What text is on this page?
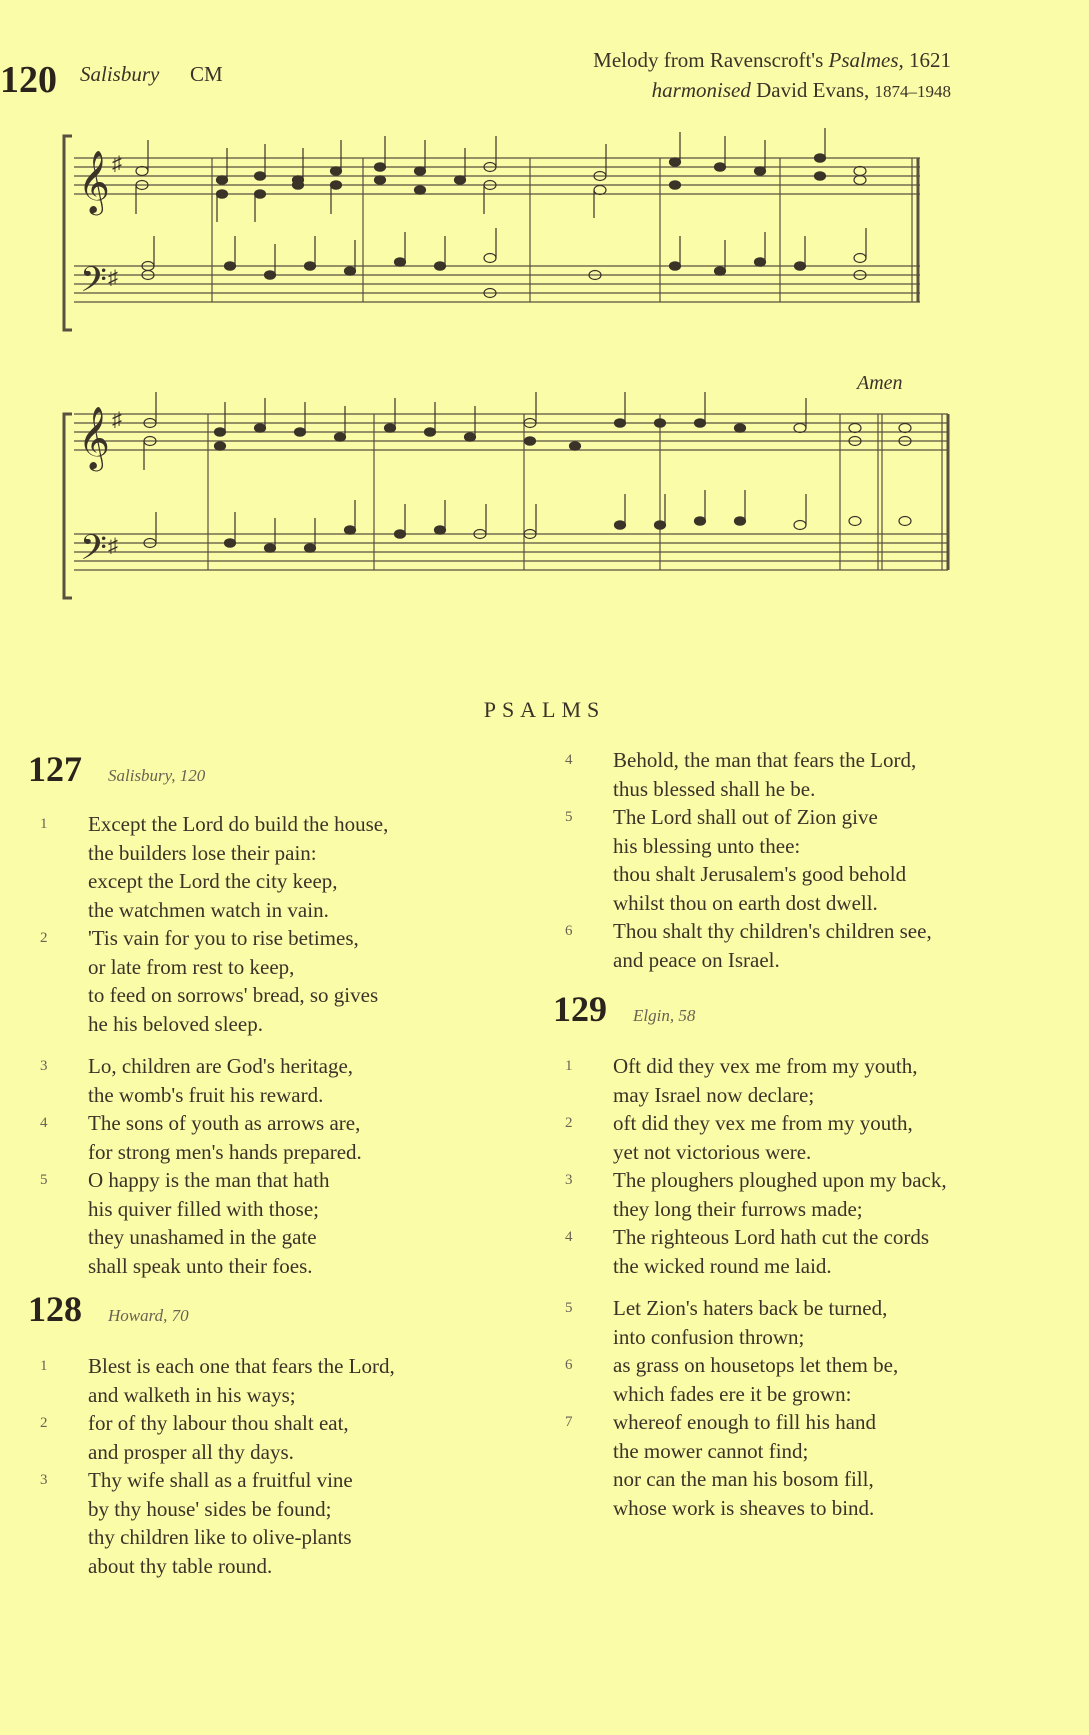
120 Salisbury CM
Melody from Ravenscroft's Psalmes, 1621
harmonised David Evans, 1874–1948
𝄞
𝄢
♯
♯
Amen
𝄞
𝄢
♯
♯
PSALMS
127 Salisbury, 120
1 Except the Lord do build the house,
the builders lose their pain:
except the Lord the city keep,
the watchmen watch in vain.
2 'Tis vain for you to rise betimes,
or late from rest to keep,
to feed on sorrows' bread, so gives
he his beloved sleep.
3 Lo, children are God's heritage,
the womb's fruit his reward.
4 The sons of youth as arrows are,
for strong men's hands prepared.
5 O happy is the man that hath
his quiver filled with those;
they unashamed in the gate
shall speak unto their foes.
128 Howard, 70
1 Blest is each one that fears the Lord,
and walketh in his ways;
2 for of thy labour thou shalt eat,
and prosper all thy days.
3 Thy wife shall as a fruitful vine
by thy house' sides be found;
thy children like to olive-plants
about thy table round.
4 Behold, the man that fears the Lord,
thus blessed shall he be.
5 The Lord shall out of Zion give
his blessing unto thee:
thou shalt Jerusalem's good behold
whilst thou on earth dost dwell.
6 Thou shalt thy children's children see,
and peace on Israel.
129 Elgin, 58
1 Oft did they vex me from my youth,
may Israel now declare;
2 oft did they vex me from my youth,
yet not victorious were.
3 The ploughers ploughed upon my back,
they long their furrows made;
4 The righteous Lord hath cut the cords
the wicked round me laid.
5 Let Zion's haters back be turned,
into confusion thrown;
6 as grass on housetops let them be,
which fades ere it be grown:
7 whereof enough to fill his hand
the mower cannot find;
nor can the man his bosom fill,
whose work is sheaves to bind.
